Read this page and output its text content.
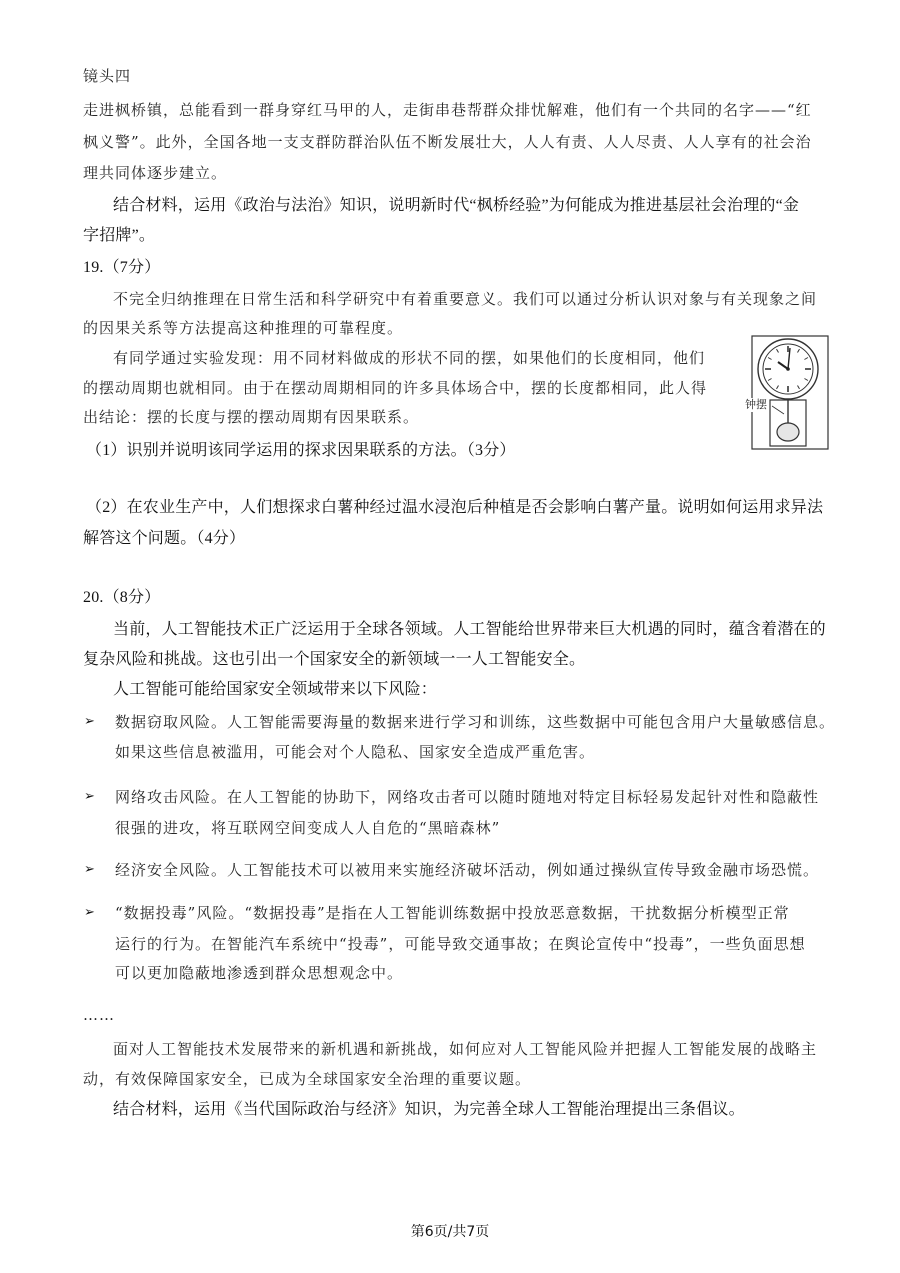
镜头四
走进枫桥镇，总能看到一群身穿红马甲的人，走街串巷帮群众排忧解难，他们有一个共同的名字——“红
枫义警”。此外，全国各地一支支群防群治队伍不断发展壮大，人人有责、人人尽责、人人享有的社会治
理共同体逐步建立。
结合材料，运用《政治与法治》知识，说明新时代“枫桥经验”为何能成为推进基层社会治理的“金
字招牌”。
19.（7分）
不完全归纳推理在日常生活和科学研究中有着重要意义。我们可以通过分析认识对象与有关现象之间
的因果关系等方法提高这种推理的可靠程度。
有同学通过实验发现：用不同材料做成的形状不同的摆，如果他们的长度相同，他们
的摆动周期也就相同。由于在摆动周期相同的许多具体场合中，摆的长度都相同，此人得
出结论：摆的长度与摆的摆动周期有因果联系。
钟摆
（1）识别并说明该同学运用的探求因果联系的方法。（3分）
（2）在农业生产中，人们想探求白薯种经过温水浸泡后种植是否会影响白薯产量。说明如何运用求异法
解答这个问题。（4分）
20.（8分）
当前，人工智能技术正广泛运用于全球各领域。人工智能给世界带来巨大机遇的同时，蕴含着潜在的
复杂风险和挑战。这也引出一个国家安全的新领域一一人工智能安全。
人工智能可能给国家安全领域带来以下风险：
➢ 数据窃取风险。人工智能需要海量的数据来进行学习和训练，这些数据中可能包含用户大量敏感信息。
如果这些信息被滥用，可能会对个人隐私、国家安全造成严重危害。
➢ 网络攻击风险。在人工智能的协助下，网络攻击者可以随时随地对特定目标轻易发起针对性和隐蔽性
很强的进攻，将互联网空间变成人人自危的“黑暗森林”
➢ 经济安全风险。人工智能技术可以被用来实施经济破坏活动，例如通过操纵宣传导致金融市场恐慌。
➢ “数据投毒”风险。“数据投毒”是指在人工智能训练数据中投放恶意数据，干扰数据分析模型正常
运行的行为。在智能汽车系统中“投毒”，可能导致交通事故；在舆论宣传中“投毒”，一些负面思想
可以更加隐蔽地渗透到群众思想观念中。
……
面对人工智能技术发展带来的新机遇和新挑战，如何应对人工智能风险并把握人工智能发展的战略主
动，有效保障国家安全，已成为全球国家安全治理的重要议题。
结合材料，运用《当代国际政治与经济》知识，为完善全球人工智能治理提出三条倡议。
第6页/共7页
